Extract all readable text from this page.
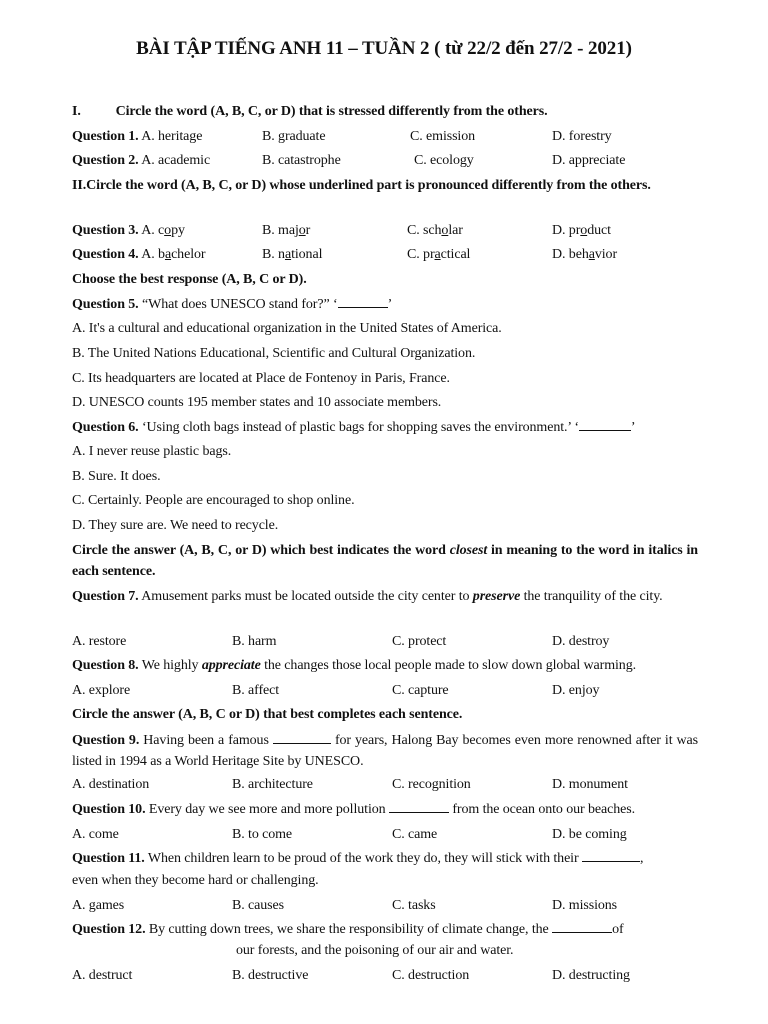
BÀI TẬP TIẾNG ANH 11 – TUẦN 2 ( từ 22/2 đến 27/2 - 2021)
I. Circle the word (A, B, C, or D) that is stressed differently from the others.
Question 1. A. heritage	B. graduate	C. emission	D. forestry
Question 2. A. academic	B. catastrophe	C. ecology	D. appreciate
II.Circle the word (A, B, C, or D) whose underlined part is pronounced differently from the others.
Question 3. A. copy	B. major	C. scholar	D. product
Question 4. A. bachelor	B. national	C. practical	D. behavior
Choose the best response (A, B, C or D).
Question 5. “What does UNESCO stand for?” ‘	’
A. It's a cultural and educational organization in the United States of America.
B. The United Nations Educational, Scientific and Cultural Organization.
C. Its headquarters are located at Place de Fontenoy in Paris, France.
D. UNESCO counts 195 member states and 10 associate members.
Question 6. ‘Using cloth bags instead of plastic bags for shopping saves the environment.’ ‘	’
A. I never reuse plastic bags.
B. Sure. It does.
C. Certainly. People are encouraged to shop online.
D. They sure are. We need to recycle.
Circle the answer (A, B, C, or D) which best indicates the word closest in meaning to the word in italics in each sentence.
Question 7. Amusement parks must be located outside the city center to preserve the tranquility of the city.
A. restore	B. harm	C. protect	D. destroy
Question 8. We highly appreciate the changes those local people made to slow down global warming.
A. explore	B. affect	C. capture	D. enjoy
Circle the answer (A, B, C or D) that best completes each sentence.
Question 9. Having been a famous	for years, Halong Bay becomes even more renowned after it was listed in 1994 as a World Heritage Site by UNESCO.
A. destination	B. architecture	C. recognition	D. monument
Question 10. Every day we see more and more pollution	from the ocean onto our beaches.
A. come	B. to come	C. came	D. be coming
Question 11. When children learn to be proud of the work they do, they will stick with their	,
even when they become hard or challenging.
A. games	B. causes	C. tasks	D. missions
Question 12. By cutting down trees, we share the responsibility of climate change, the	of
our forests, and the poisoning of our air and water.
A. destruct	B. destructive	C. destruction	D. destructing
